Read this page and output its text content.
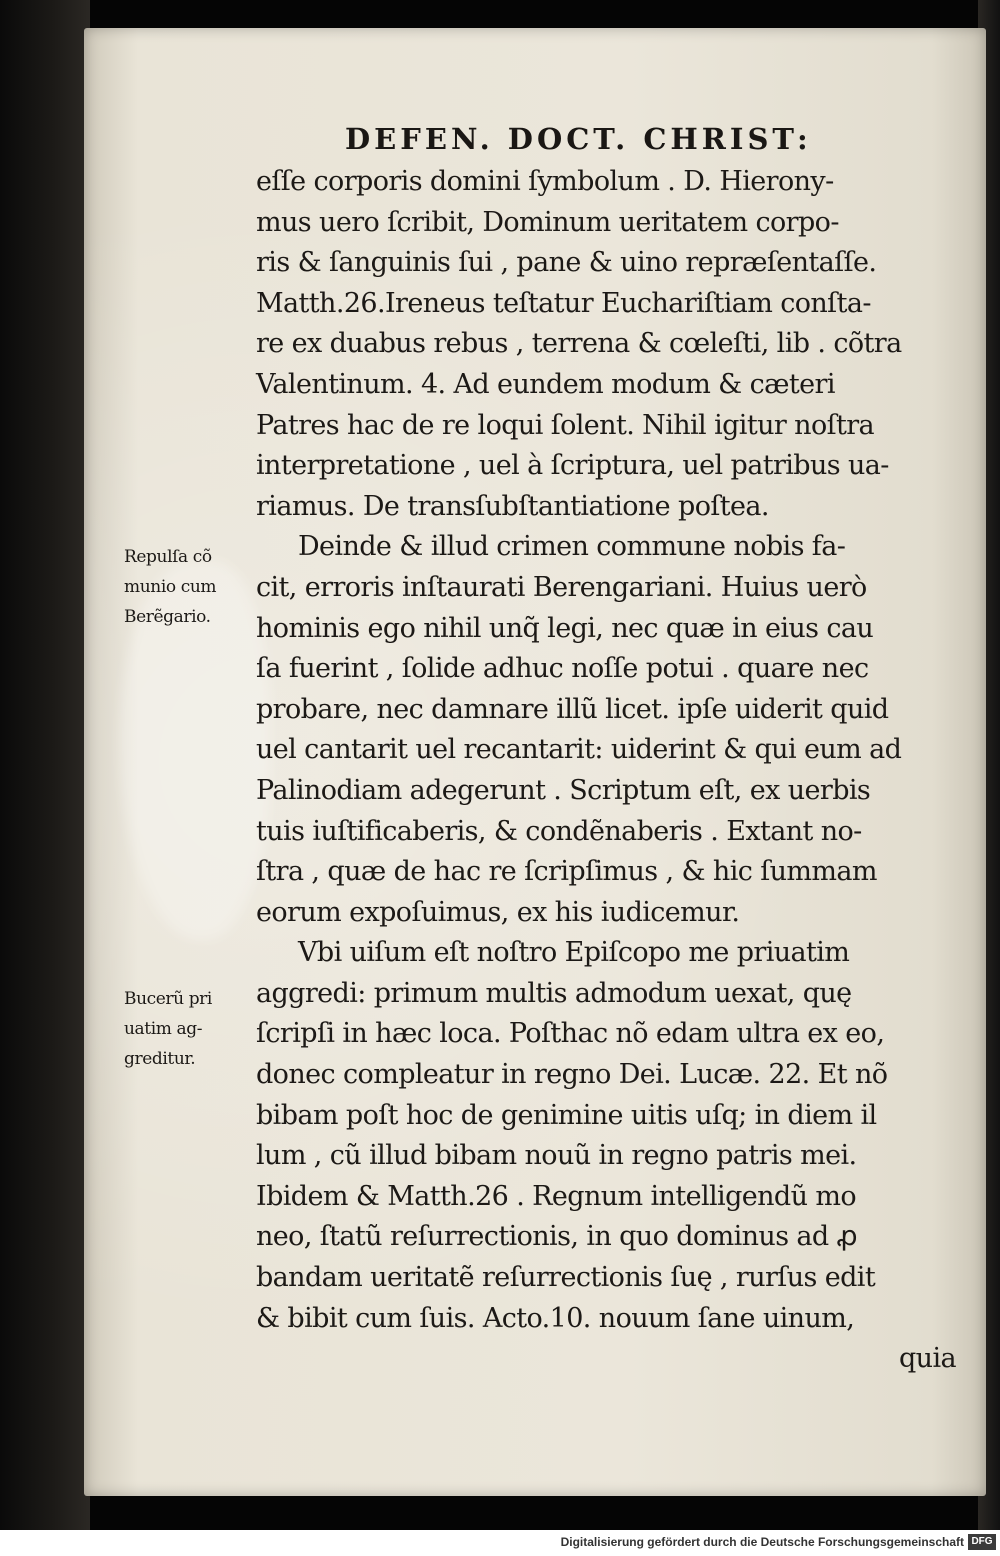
DEFEN. DOCT. CHRIST:
eſſe corporis domini ſymbolum . D. Hierony-
mus uero ſcribit, Dominum ueritatem corpo-
ris & ſanguinis ſui , pane & uino repræſentaſſe.
Matth.26.Ireneus teſtatur Euchariſtiam conſta-
re ex duabus rebus , terrena & cœleſti, lib . cõtra
Valentinum. 4. Ad eundem modum & cæteri
Patres hac de re loqui ſolent. Nihil igitur noſtra
interpretatione , uel à ſcriptura, uel patribus ua-
riamus. De transſubſtantiatione poſtea.
Deinde & illud crimen commune nobis fa-
cit, erroris inſtaurati Berengariani. Huius uerò
hominis ego nihil unq̃ legi, nec quæ in eius cau
ſa fuerint , ſolide adhuc noſſe potui . quare nec
probare, nec damnare illũ licet. ipſe uiderit quid
uel cantarit uel recantarit: uiderint & qui eum ad
Palinodiam adegerunt . Scriptum eſt, ex uerbis
tuis iuſtificaberis, & condẽnaberis . Extant no-
ſtra , quæ de hac re ſcripſimus , & hic ſummam
eorum expoſuimus, ex his iudicemur.
Vbi uiſum eſt noſtro Epiſcopo me priuatim
aggredi: primum multis admodum uexat, quę
ſcripſi in hæc loca. Poſthac nõ edam ultra ex eo,
donec compleatur in regno Dei. Lucæ. 22. Et nõ
bibam poſt hoc de genimine uitis uſq; in diem il
lum , cũ illud bibam nouũ in regno patris mei.
Ibidem & Matth.26 . Regnum intelligendũ mo
neo, ſtatũ reſurrectionis, in quo dominus ad ꝓ
bandam ueritatẽ reſurrectionis ſuę , rurſus edit
& bibit cum ſuis. Acto.10. nouum ſane uinum,
quia
Repulſa cõ
munio cum
Berẽgario.
Bucerũ pri
uatim ag-
greditur.
Digitalisierung gefördert durch die Deutsche Forschungsgemeinschaft DFG
